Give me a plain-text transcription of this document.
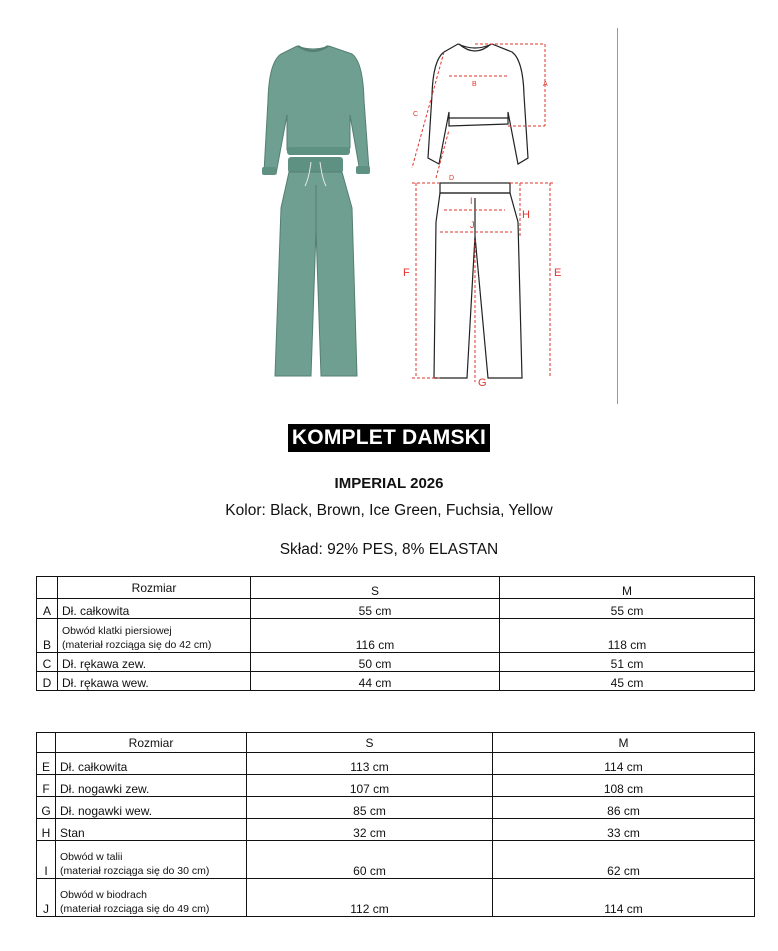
A
B
C
D
E
F
G
H
I
J
KOMPLET DAMSKI
IMPERIAL 2026
Kolor: Black, Brown, Ice Green, Fuchsia, Yellow
Skład: 92% PES, 8% ELASTAN
	Rozmiar	S	M
A	Dł. całkowita	55 cm	55 cm
B	Obwód klatki piersiowej
(materiał rozciąga się do 42 cm)	116 cm	118 cm
C	Dł. rękawa zew.	50 cm	51 cm
D	Dł. rękawa wew.	44 cm	45 cm
	Rozmiar	S	M
E	Dł. całkowita	113 cm	114 cm
F	Dł. nogawki zew.	107 cm	108 cm
G	Dł. nogawki wew.	85 cm	86 cm
H	Stan	32 cm	33 cm
I	Obwód w talii
(materiał rozciąga się do 30 cm)	60 cm	62 cm
J	Obwód w biodrach
(materiał rozciąga się do 49 cm)	112 cm	114 cm
